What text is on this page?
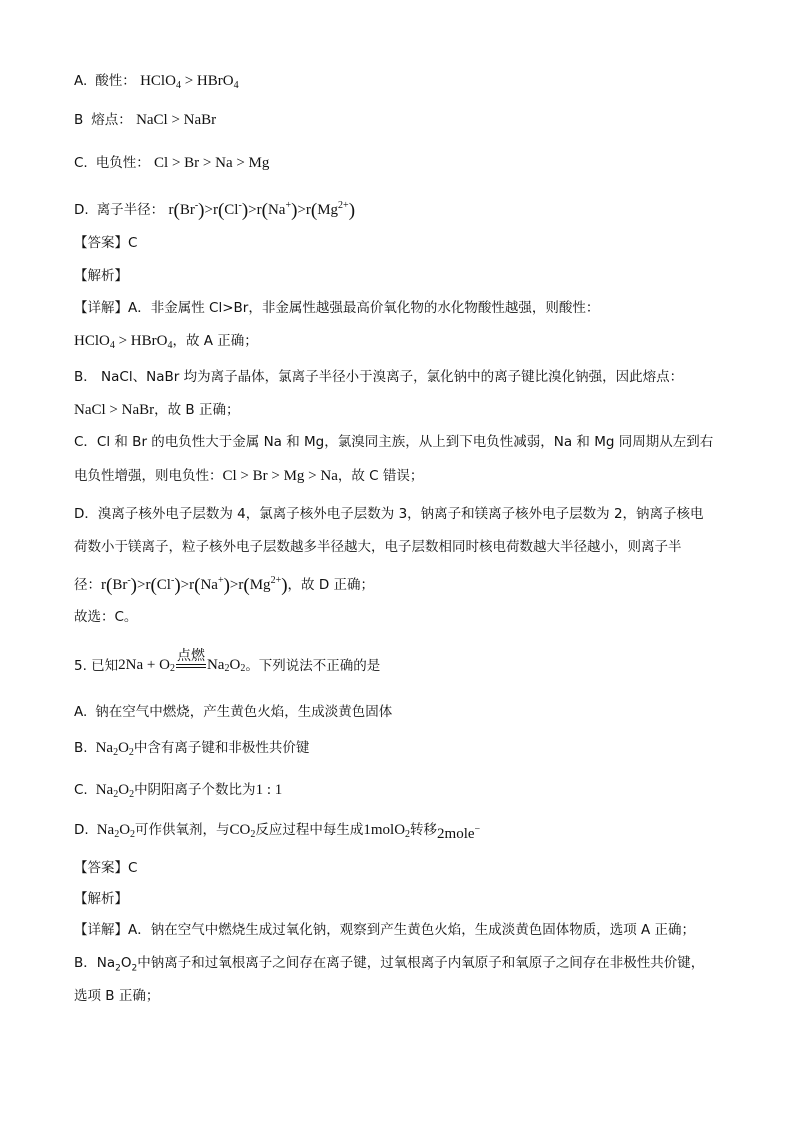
A. 酸性： HClO$_4$ > HBrO$_4$
B 熔点： NaCl > NaBr
C. 电负性： Cl > Br > Na > Mg
D. 离子半径： $r(Br^-)>r(Cl^-)>r(Na^+)>r(Mg^{2+})$
【答案】C
【解析】
【详解】A．非金属性 Cl>Br，非金属性越强最高价氧化物的水化物酸性越强，则酸性：
HClO$_4$ > HBrO$_4$，故 A 正确；
B． NaCl、NaBr 均为离子晶体，氯离子半径小于溴离子，氯化钠中的离子键比溴化钠强，因此熔点：
NaCl > NaBr，故 B 正确；
C．Cl 和 Br 的电负性大于金属 Na 和 Mg，氯溴同主族，从上到下电负性减弱，Na 和 Mg 同周期从左到右
电负性增强，则电负性：Cl > Br > Mg > Na，故 C 错误；
D．溴离子核外电子层数为 4，氯离子核外电子层数为 3，钠离子和镁离子核外电子层数为 2，钠离子核电
荷数小于镁离子，粒子核外电子层数越多半径越大，电子层数相同时核电荷数越大半径越小，则离子半
径：$r(Br^-)>r(Cl^-)>r(Na^+)>r(Mg^{2+})$，故 D 正确；
故选：C。
5. 已知 2Na + O 2
点燃
$Na_2$ O 2 。下列说法不正确的是
A. 钠在空气中燃烧，产生黄色火焰，生成淡黄色固体
B. $Na_2O_2$中含有离子键和非极性共价键
C. $Na_2O_2$中阴阳离子个数比为1 : 1
D. $Na_2O_2$可作供氧剂，与$CO_2$反应过程中每生成1molO$_2$转移2mole−
【答案】C
【解析】
【详解】A．钠在空气中燃烧生成过氧化钠，观察到产生黄色火焰，生成淡黄色固体物质，选项 A 正确；
B．$Na_2O_2$中钠离子和过氧根离子之间存在离子键，过氧根离子内氧原子和氧原子之间存在非极性共价键，
选项 B 正确；
